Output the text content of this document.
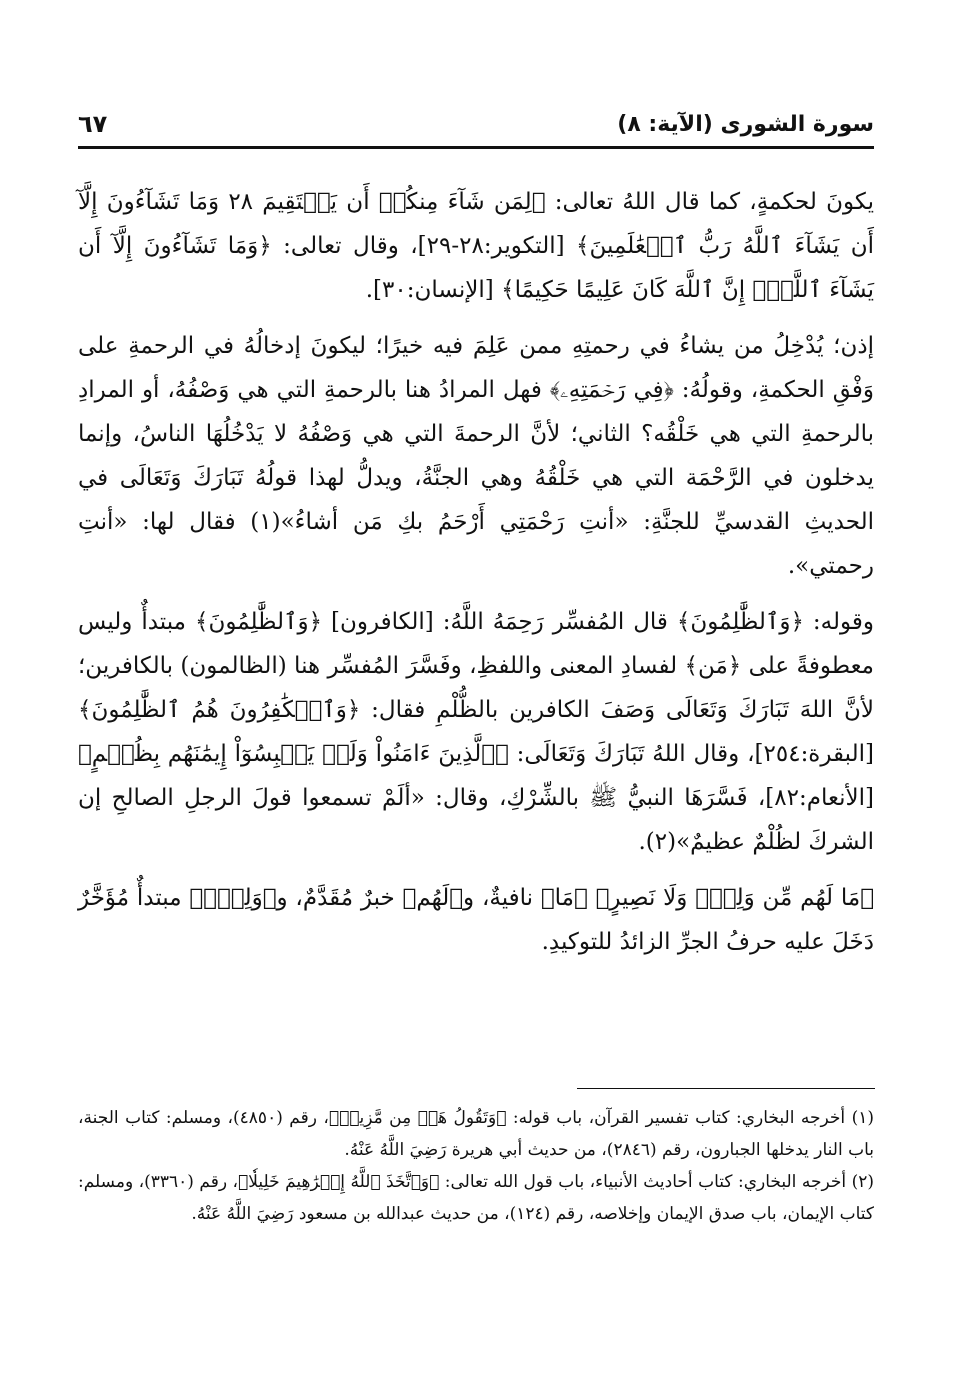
سورة الشورى (الآية: ٨)
٦٧

يكونَ لحكمةٍ، كما قال اللهُ تعالى: ﴿لِمَن شَآءَ مِنكُمۡ أَن يَسۡتَقِيمَ ٢٨ وَمَا تَشَآءُونَ إِلَّآ أَن يَشَآءَ ٱللَّهُ رَبُّ ٱلۡعَٰلَمِينَ﴾ [التكوير:٢٨-٢٩]، وقال تعالى: ﴿وَمَا تَشَآءُونَ إِلَّآ أَن يَشَآءَ ٱللَّهُۚ إِنَّ ٱللَّهَ كَانَ عَلِيمًا حَكِيمًا﴾ [الإنسان:٣٠].

إذن؛ يُدْخِلُ من يشاءُ في رحمتِهِ ممن عَلِمَ فيه خيرًا؛ ليكونَ إدخالُهُ في الرحمةِ على وَفْقِ الحكمةِ، وقولُهُ: ﴿فِي رَحۡمَتِهِۦ﴾ فهل المرادُ هنا بالرحمةِ التي هي وَصْفُهُ، أو المرادِ بالرحمةِ التي هي خَلْقُه؟ الثاني؛ لأنَّ الرحمةَ التي هي وَصْفُهُ لا يَدْخُلُهَا الناسُ، وإنما يدخلون في الرَّحْمَة التي هي خَلْقُهُ وهي الجنَّةُ، ويدلُّ لهذا قولُهُ تَبَارَكَ وَتَعَالَى في الحديثِ القدسيِّ للجنَّةِ: «أنتِ رَحْمَتِي أَرْحَمُ بكِ مَن أشاءُ»(١) فقال لها: «أنتِ رحمتي».

وقوله: ﴿وَٱلظَّٰلِمُونَ﴾ قال المُفسِّر رَحِمَهُ اللَّهُ: [الكافرون] ﴿وَٱلظَّٰلِمُونَ﴾ مبتدأٌ وليس معطوفةً على ﴿مَن﴾ لفسادِ المعنى واللفظِ، وفَسَّرَ المُفسِّر هنا (الظالمون) بالكافرين؛ لأنَّ اللهَ تَبَارَكَ وَتَعَالَى وَصَفَ الكافرين بالظُّلْمِ فقال: ﴿وَٱلۡكَٰفِرُونَ هُمُ ٱلظَّٰلِمُونَ﴾ [البقرة:٢٥٤]، وقال اللهُ تَبَارَكَ وَتَعَالَى: ﴿ٱلَّذِينَ ءَامَنُواْ وَلَمۡ يَلۡبِسُوٓاْ إِيمَٰنَهُم بِظُلۡمٍ﴾ [الأنعام:٨٢]، فَسَّرَهَا النبيُّ ﷺ بالشِّرْكِ، وقال: «ألَمْ تسمعوا قولَ الرجلِ الصالحِ إن الشركَ لظُلْمٌ عظيمٌ»(٢).

﴿مَا لَهُم مِّن وَلِيّٖ وَلَا نَصِيرٍ﴾ ﴿مَا﴾ نافيةٌ، و﴿لَهُم﴾ خبرٌ مُقَدَّمٌ، و﴿وَلِيّٖ﴾ مبتدأٌ مُؤَخَّرٌ دَخَلَ عليه حرفُ الجرِّ الزائدُ للتوكيدِ.

(١) أخرجه البخاري: كتاب تفسير القرآن، باب قوله: ﴿وَتَقُولُ هَلۡ مِن مَّزِيدٖ﴾، رقم (٤٨٥٠)، ومسلم: كتاب الجنة، باب النار يدخلها الجبارون، رقم (٢٨٤٦)، من حديث أبي هريرة رَضِيَ اللَّهُ عَنْهُ.

(٢) أخرجه البخاري: كتاب أحاديث الأنبياء، باب قول الله تعالى: ﴿وَٱتَّخَذَ ٱللَّهُ إِبۡرَٰهِيمَ خَلِيلٗا﴾، رقم (٣٣٦٠)، ومسلم: كتاب الإيمان، باب صدق الإيمان وإخلاصه، رقم (١٢٤)، من حديث عبدالله بن مسعود رَضِيَ اللَّهُ عَنْهُ.
